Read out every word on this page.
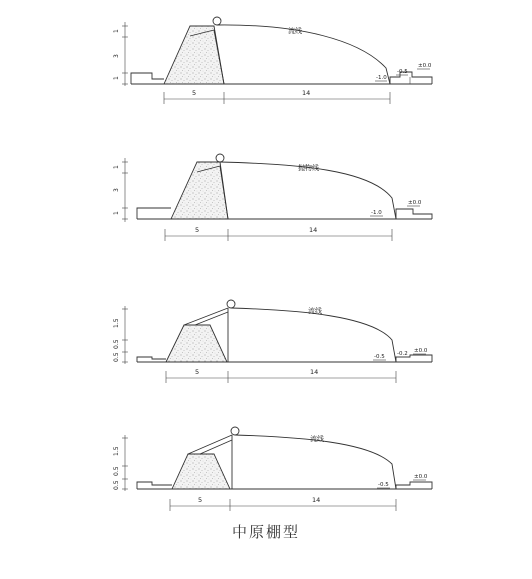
1
3
1
流线
-1.0
-0.5
±0.0
5	14
1
3
1
抛物线
-1.0
±0.0
5	14
1.5
0.5
0.5
流线
-0.5 -0.2 ±0.0
5	14
1.5
0.5
0.5
流线
-0.5
±0.0
5	14
中原棚型
